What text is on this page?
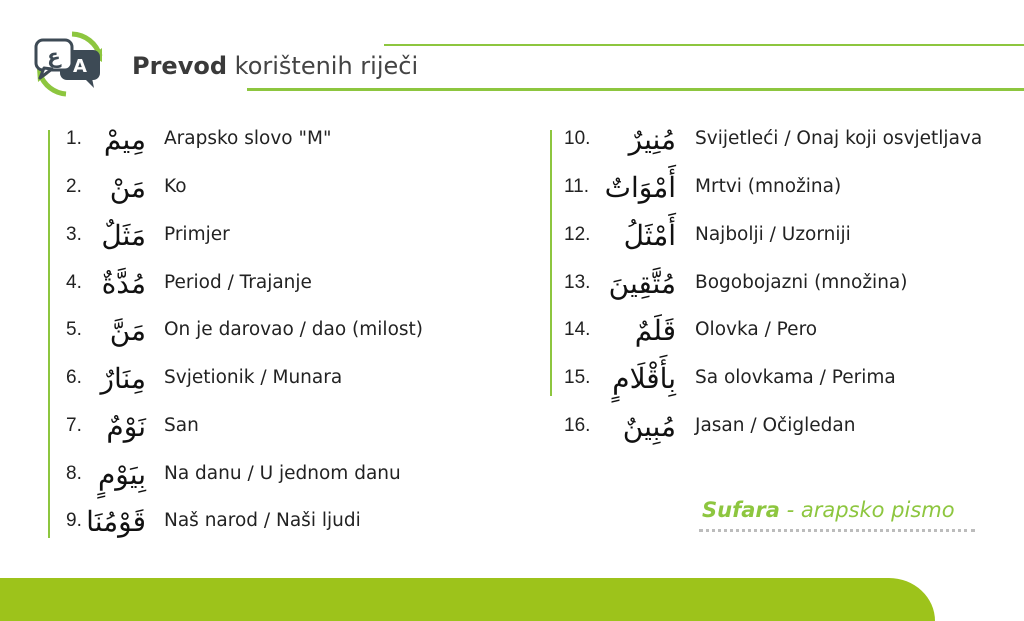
A
ع	Prevod korištenih riječi
1. مِيمْ Arapsko slovo "M"
2. مَنْ Ko
3. مَثَلٌ Primjer
4. مُدَّةٌ Period / Trajanje
5. مَنَّ On je darovao / dao (milost)
6. مِنَارٌ Svjetionik / Munara
7. نَوْمٌ San
8. بِيَوْمٍ Na danu / U jednom danu
9. قَوْمُنَا Naš narod / Naši ljudi
10.	مُنِيرٌ Svijetleći / Onaj koji osvjetljava
11. أَمْوَاتٌ Mrtvi (množina)
12.	أَمْثَلُ Najbolji / Uzorniji
13. مُتَّقِينَ Bogobojazni (množina)
14.	قَلَمٌ Olovka / Pero
15. بِأَقْلَامٍ Sa olovkama / Perima
16.	مُبِينٌ Jasan / Očigledan
Sufara - arapsko pismo
